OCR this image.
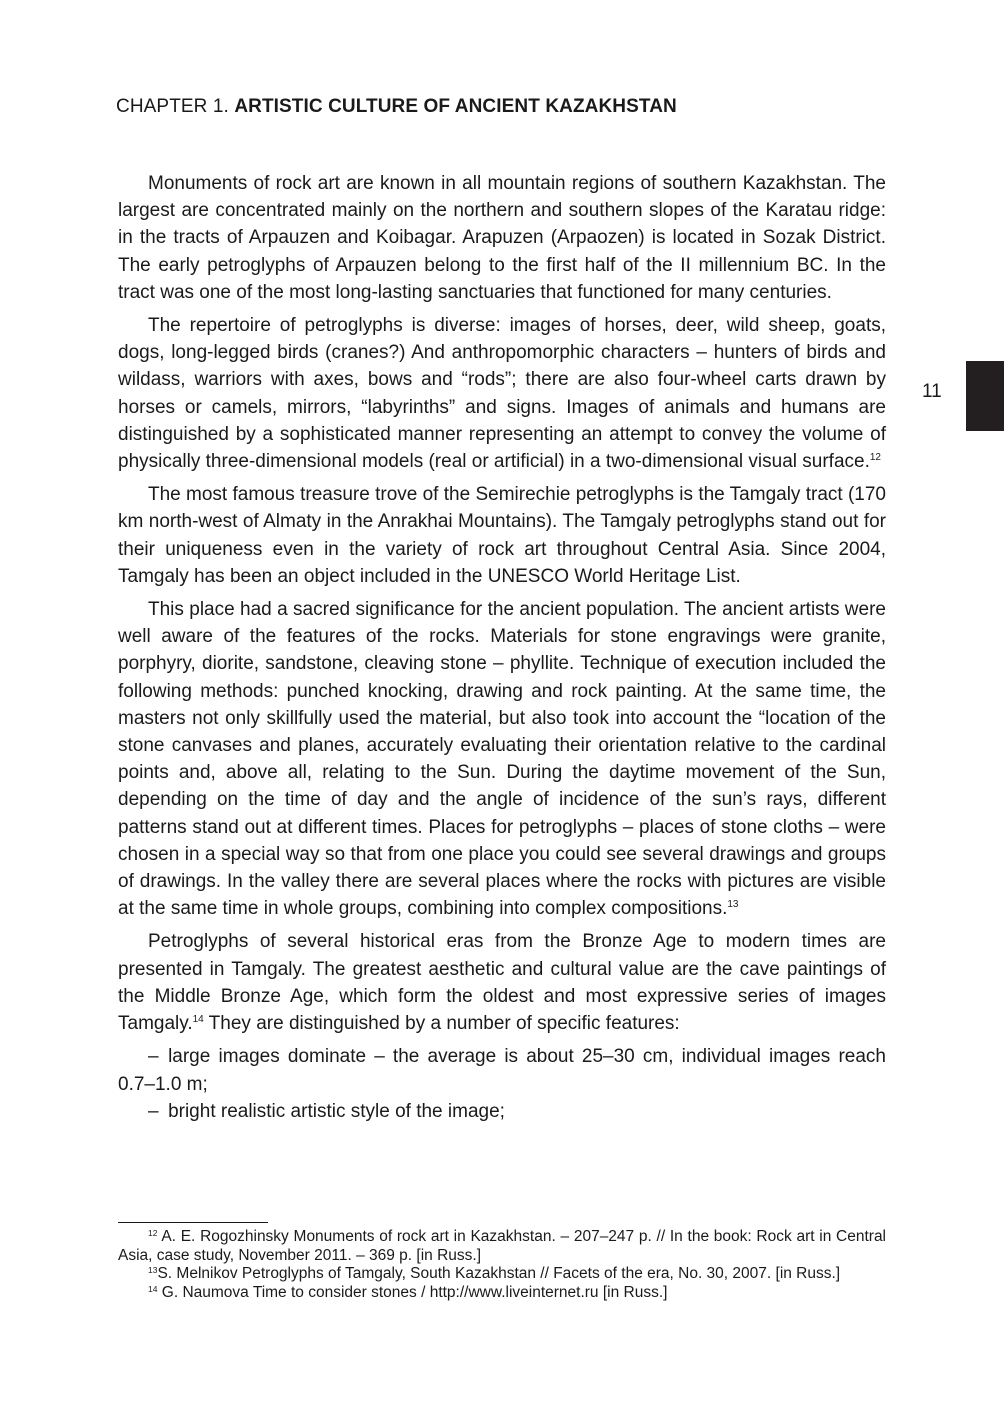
CHAPTER 1. ARTISTIC CULTURE OF ANCIENT KAZAKHSTAN
11

Monuments of rock art are known in all mountain regions of southern Kazakhstan. The largest are concentrated mainly on the northern and southern slopes of the Karatau ridge: in the tracts of Arpauzen and Koibagar. Arapuzen (Arpaozen) is located in Sozak District. The early petroglyphs of Arpauzen belong to the first half of the II millennium BC. In the tract was one of the most long-lasting sanctuaries that functioned for many centuries.

The repertoire of petroglyphs is diverse: images of horses, deer, wild sheep, goats, dogs, long-legged birds (cranes?) And anthropomorphic characters – hunters of birds and wildass, warriors with axes, bows and “rods”; there are also four-wheel carts drawn by horses or camels, mirrors, “labyrinths” and signs. Images of animals and humans are distinguished by a sophisticated manner representing an attempt to convey the volume of physically three-dimensional models (real or artificial) in a two-dimensional visual surface.$^{12}$

The most famous treasure trove of the Semirechie petroglyphs is the Tamgaly tract (170 km north-west of Almaty in the Anrakhai Mountains). The Tamgaly petroglyphs stand out for their uniqueness even in the variety of rock art throughout Central Asia. Since 2004, Tamgaly has been an object included in the UNESCO World Heritage List.

This place had a sacred significance for the ancient population. The ancient artists were well aware of the features of the rocks. Materials for stone engravings were granite, porphyry, diorite, sandstone, cleaving stone – phyllite. Technique of execution included the following methods: punched knocking, drawing and rock painting. At the same time, the masters not only skillfully used the material, but also took into account the “location of the stone canvases and planes, accurately evaluating their orientation relative to the cardinal points and, above all, relating to the Sun. During the daytime movement of the Sun, depending on the time of day and the angle of incidence of the sun’s rays, different patterns stand out at different times. Places for petroglyphs – places of stone cloths – were chosen in a special way so that from one place you could see several drawings and groups of drawings. In the valley there are several places where the rocks with pictures are visible at the same time in whole groups, combining into complex compositions.$^{13}$

Petroglyphs of several historical eras from the Bronze Age to modern times are presented in Tamgaly. The greatest aesthetic and cultural value are the cave paintings of the Middle Bronze Age, which form the oldest and most expressive series of images Tamgaly.$^{14}$ They are distinguished by a number of specific features:

– large images dominate – the average is about 25–30 cm, individual images reach 0.7–1.0 m;

– bright realistic artistic style of the image;

$^{12}$ A. E. Rogozhinsky Monuments of rock art in Kazakhstan. – 207–247 p. // In the book: Rock art in Central Asia, case study, November 2011. – 369 p. [in Russ.]

$^{13}$S. Melnikov Petroglyphs of Tamgaly, South Kazakhstan // Facets of the era, No. 30, 2007. [in Russ.]

$^{14}$ G. Naumova Time to consider stones / http://www.liveinternet.ru [in Russ.]
